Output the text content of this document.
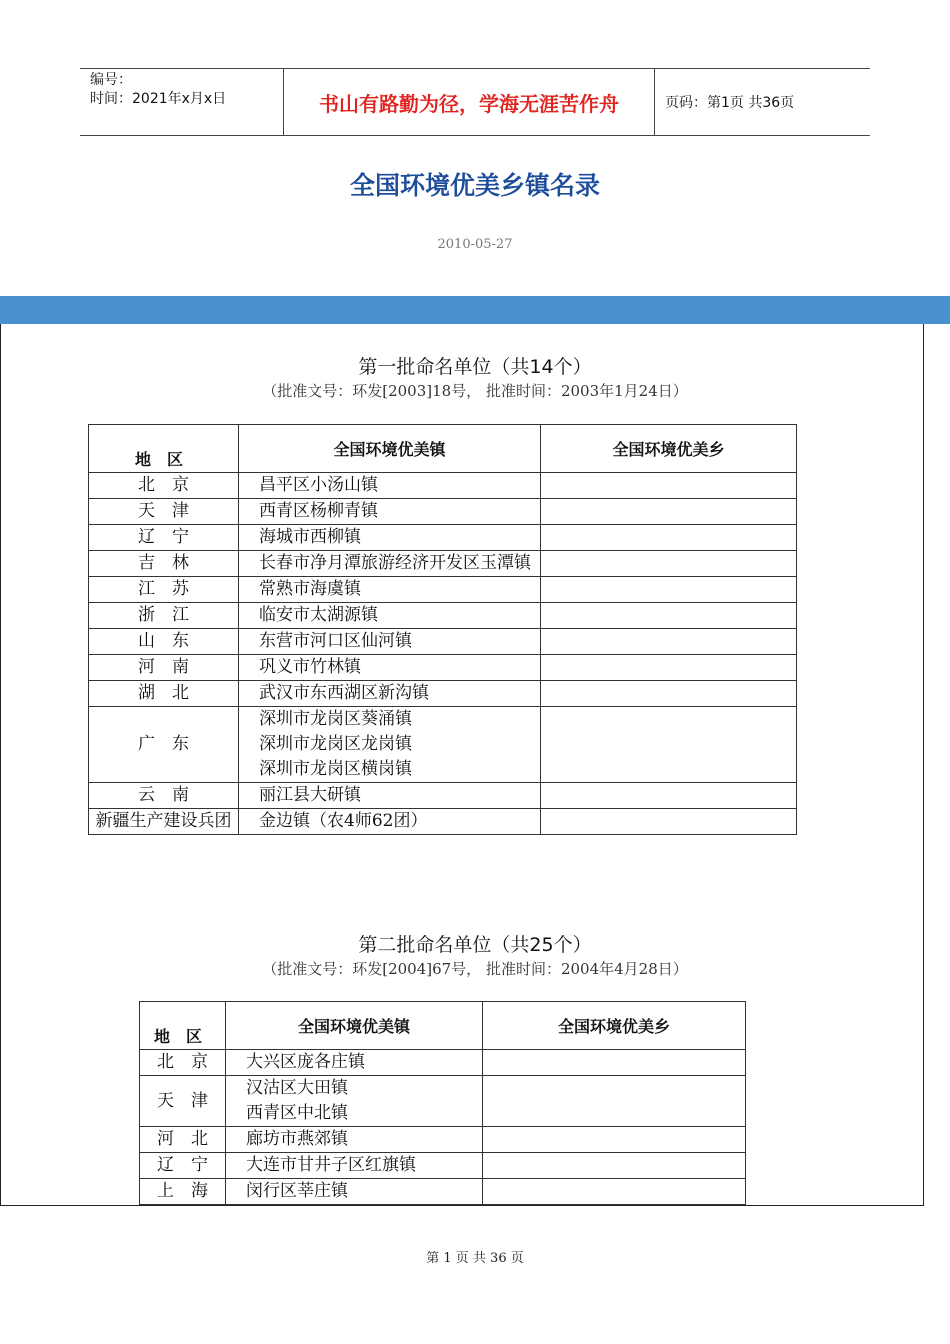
编号：
时间：2021年x月x日	书山有路勤为径，学海无涯苦作舟	页码：第1页 共36页
全国环境优美乡镇名录
2010-05-27
第一批命名单位（共14个）
（批准文号：环发[2003]18号， 批准时间：2003年1月24日）
地　区	全国环境优美镇	全国环境优美乡
北　京	昌平区小汤山镇	

天　津	西青区杨柳青镇	

辽　宁	海城市西柳镇	

吉　林	长春市净月潭旅游经济开发区玉潭镇	

江　苏	常熟市海虞镇	

浙　江	临安市太湖源镇	

山　东	东营市河口区仙河镇	

河　南	巩义市竹林镇	

湖　北	武汉市东西湖区新沟镇	

广　东	深圳市龙岗区葵涌镇
深圳市龙岗区龙岗镇
深圳市龙岗区横岗镇	

云　南	丽江县大研镇	

新疆生产建设兵团	金边镇（农4师62团）	

第二批命名单位（共25个）
（批准文号：环发[2004]67号， 批准时间：2004年4月28日）
地　区	全国环境优美镇	全国环境优美乡
北　京	大兴区庞各庄镇	

天　津	汉沽区大田镇
西青区中北镇	

河　北	廊坊市燕郊镇	

辽　宁	大连市甘井子区红旗镇	

上　海	闵行区莘庄镇	

第 1 页 共 36 页
